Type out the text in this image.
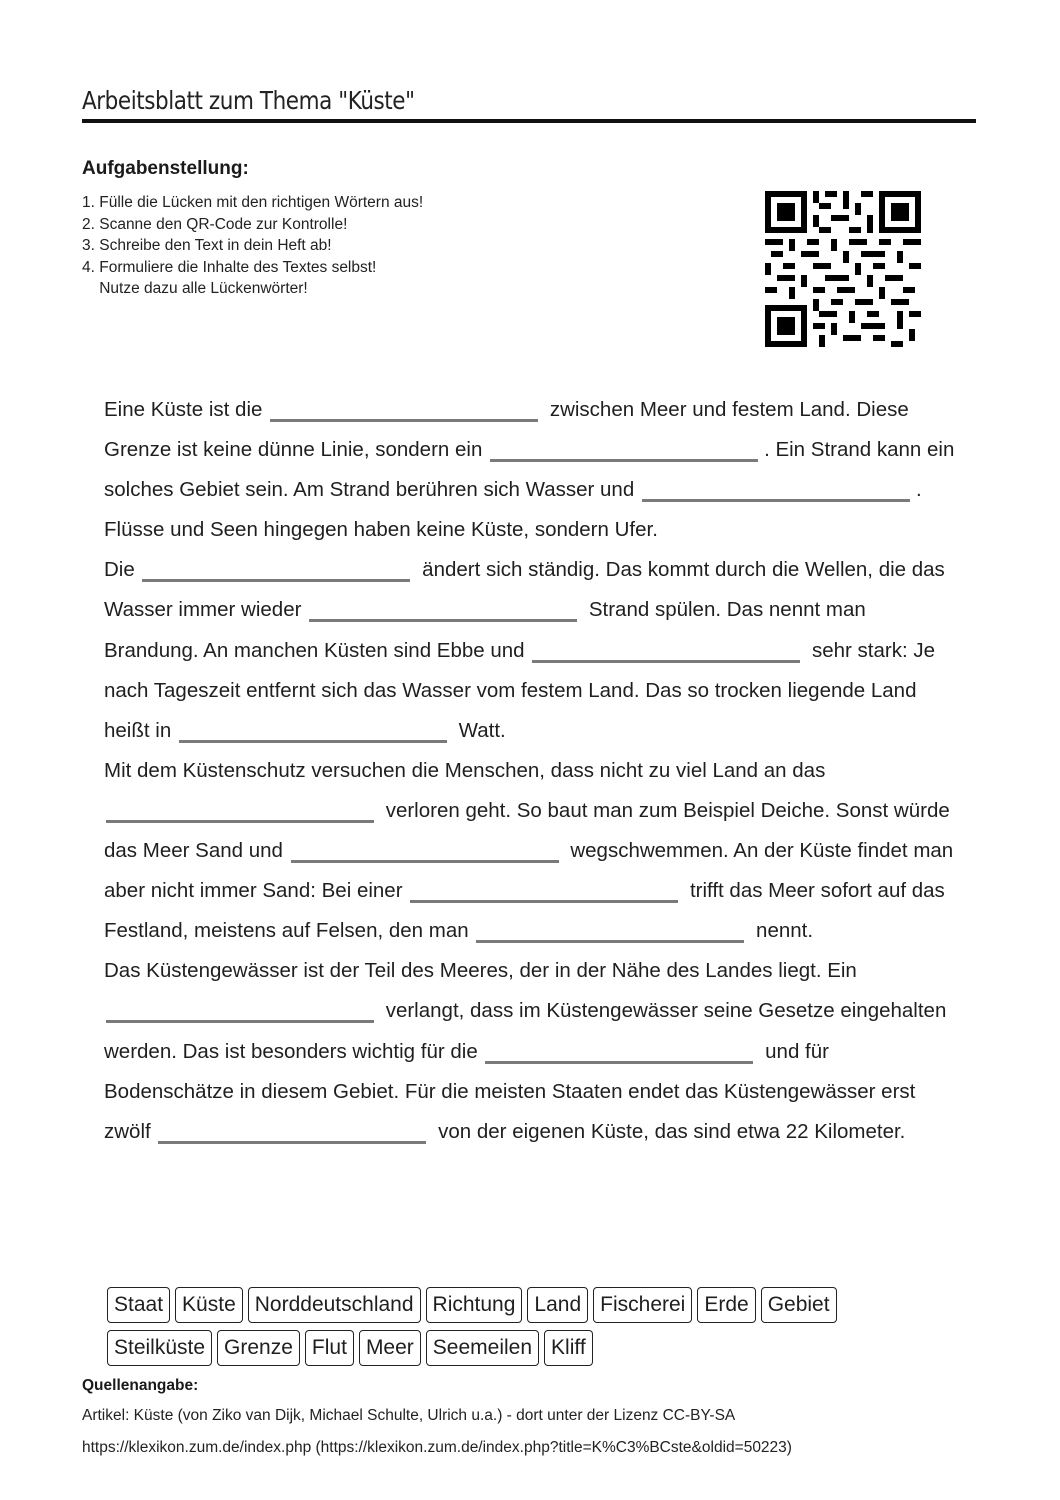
Arbeitsblatt zum Thema "Küste"
Aufgabenstellung:
1. Fülle die Lücken mit den richtigen Wörtern aus!
2. Scanne den QR-Code zur Kontrolle!
3. Schreibe den Text in dein Heft ab!
4. Formuliere die Inhalte des Textes selbst!
Nutze dazu alle Lückenwörter!
Eine Küste ist die	zwischen Meer und festem Land. Diese Grenze ist keine dünne Linie, sondern ein	. Ein Strand kann ein solches Gebiet sein. Am Strand berühren sich Wasser und	. Flüsse und Seen hingegen haben keine Küste, sondern Ufer.
Die	ändert sich ständig. Das kommt durch die Wellen, die das Wasser immer wieder	Strand spülen. Das nennt man Brandung. An manchen Küsten sind Ebbe und	sehr stark: Je nach Tageszeit entfernt sich das Wasser vom festem Land. Das so trocken liegende Land heißt in	Watt.
Mit dem Küstenschutz versuchen die Menschen, dass nicht zu viel Land an das  verloren geht. So baut man zum Beispiel Deiche. Sonst würde das Meer Sand und	wegschwemmen. An der Küste findet man aber nicht immer Sand: Bei einer	trifft das Meer sofort auf das Festland, meistens auf Felsen, den man	nennt.
Das Küstengewässer ist der Teil des Meeres, der in der Nähe des Landes liegt. Ein  verlangt, dass im Küstengewässer seine Gesetze eingehalten werden. Das ist besonders wichtig für die	und für Bodenschätze in diesem Gebiet. Für die meisten Staaten endet das Küstengewässer erst zwölf	von der eigenen Küste, das sind etwa 22 Kilometer.
Staat Küste Norddeutschland Richtung Land Fischerei Erde Gebiet
Steilküste Grenze Flut Meer Seemeilen Kliff
Quellenangabe:
Artikel: Küste (von Ziko van Dijk, Michael Schulte, Ulrich u.a.) - dort unter der Lizenz CC-BY-SA
https://klexikon.zum.de/index.php (https://klexikon.zum.de/index.php?title=K%C3%BCste&oldid=50223)
